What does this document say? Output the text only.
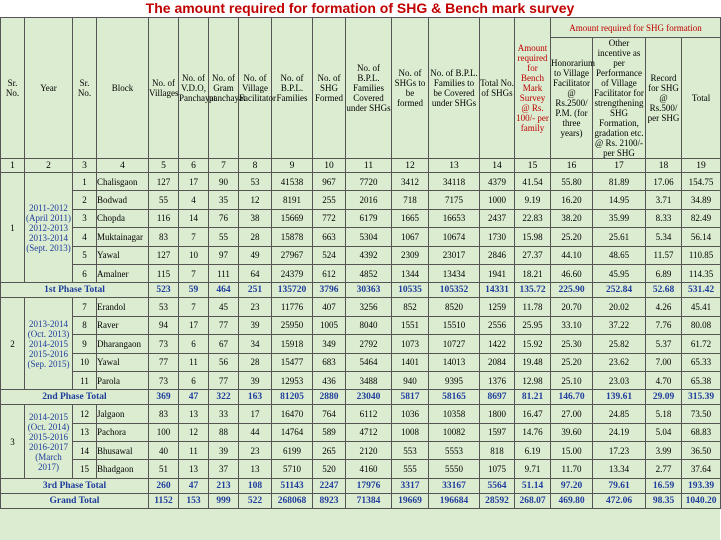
The amount required for formation of SHG & Bench mark survey
Sr. No.	Year	Sr. No.	Block	No. of Villages	No. of V.D.O, Panchayat	No. of Gram panchayat	No. of Village Facilitator	No. of B.P.L. Families	No. of SHG Formed	No. of B.P.L. Families Covered under SHGs	No. of SHGs to be formed	No. of B.P.L. Families to be Covered under SHGs	Total No. of SHGs	Amount required for Bench Mark Survey @ Rs. 100/- per family	Amount required for SHG formation			
															Honorarium to Village Facilitator @ Rs.2500/ P.M. (for three years)	Other incentive as per Performance of Village Facilitator for strengthening SHG Formation, gradation etc. @ Rs. 2100/- per SHG	Record for SHG @ Rs.500/ per SHG	Total
1	2	3	4	5	6	7	8	9	10	11	12	13	14	15	16	17	18	19
1	2011-2012 (April 2011) 2012-2013 2013-2014 (Sept. 2013)	1	Chalisgaon	127	17	90	53	41538	967	7720	3412	34118	4379	41.54	55.80	81.89	17.06	154.75
		2	Bodwad	55	4	35	12	8191	255	2016	718	7175	1000	9.19	16.20	14.95	3.71	34.89
		3	Chopda	116	14	76	38	15669	772	6179	1665	16653	2437	22.83	38.20	35.99	8.33	82.49
		4	Muktainagar	83	7	55	28	15878	663	5304	1067	10674	1730	15.98	25.20	25.61	5.34	56.14
		5	Yawal	127	10	97	49	27967	524	4392	2309	23017	2846	27.37	44.10	48.65	11.57	110.85
		6	Amalner	115	7	111	64	24379	612	4852	1344	13434	1941	18.21	46.60	45.95	6.89	114.35
1st Phase Total				523	59	464	251	135720	3796	30363	10535	105352	14331	135.72	225.90	252.84	52.68	531.42
2	2013-2014 (Oct. 2013) 2014-2015 2015-2016 (Sep. 2015)	7	Erandol	53	7	45	23	11776	407	3256	852	8520	1259	11.78	20.70	20.02	4.26	45.41
		8	Raver	94	17	77	39	25950	1005	8040	1551	15510	2556	25.95	33.10	37.22	7.76	80.08
		9	Dharangaon	73	6	67	34	15918	349	2792	1073	10727	1422	15.92	25.30	25.82	5.37	61.72
		10	Yawal	77	11	56	28	15477	683	5464	1401	14013	2084	19.48	25.20	23.62	7.00	65.33
		11	Parola	73	6	77	39	12953	436	3488	940	9395	1376	12.98	25.10	23.03	4.70	65.38
2nd Phase Total				369	47	322	163	81205	2880	23040	5817	58165	8697	81.21	146.70	139.61	29.09	315.39
3	2014-2015 (Oct. 2014) 2015-2016 2016-2017 (March 2017)	12	Jalgaon	83	13	33	17	16470	764	6112	1036	10358	1800	16.47	27.00	24.85	5.18	73.50
		13	Pachora	100	12	88	44	14764	589	4712	1008	10082	1597	14.76	39.60	24.19	5.04	68.83
		14	Bhusawal	40	11	39	23	6199	265	2120	553	5553	818	6.19	15.00	17.23	3.99	36.50
		15	Bhadgaon	51	13	37	13	5710	520	4160	555	5550	1075	9.71	11.70	13.34	2.77	37.64
3rd Phase Total				260	47	213	108	51143	2247	17976	3317	33167	5564	51.14	97.20	79.61	16.59	193.39
Grand Total				1152	153	999	522	268068	8923	71384	19669	196684	28592	268.07	469.80	472.06	98.35	1040.20
